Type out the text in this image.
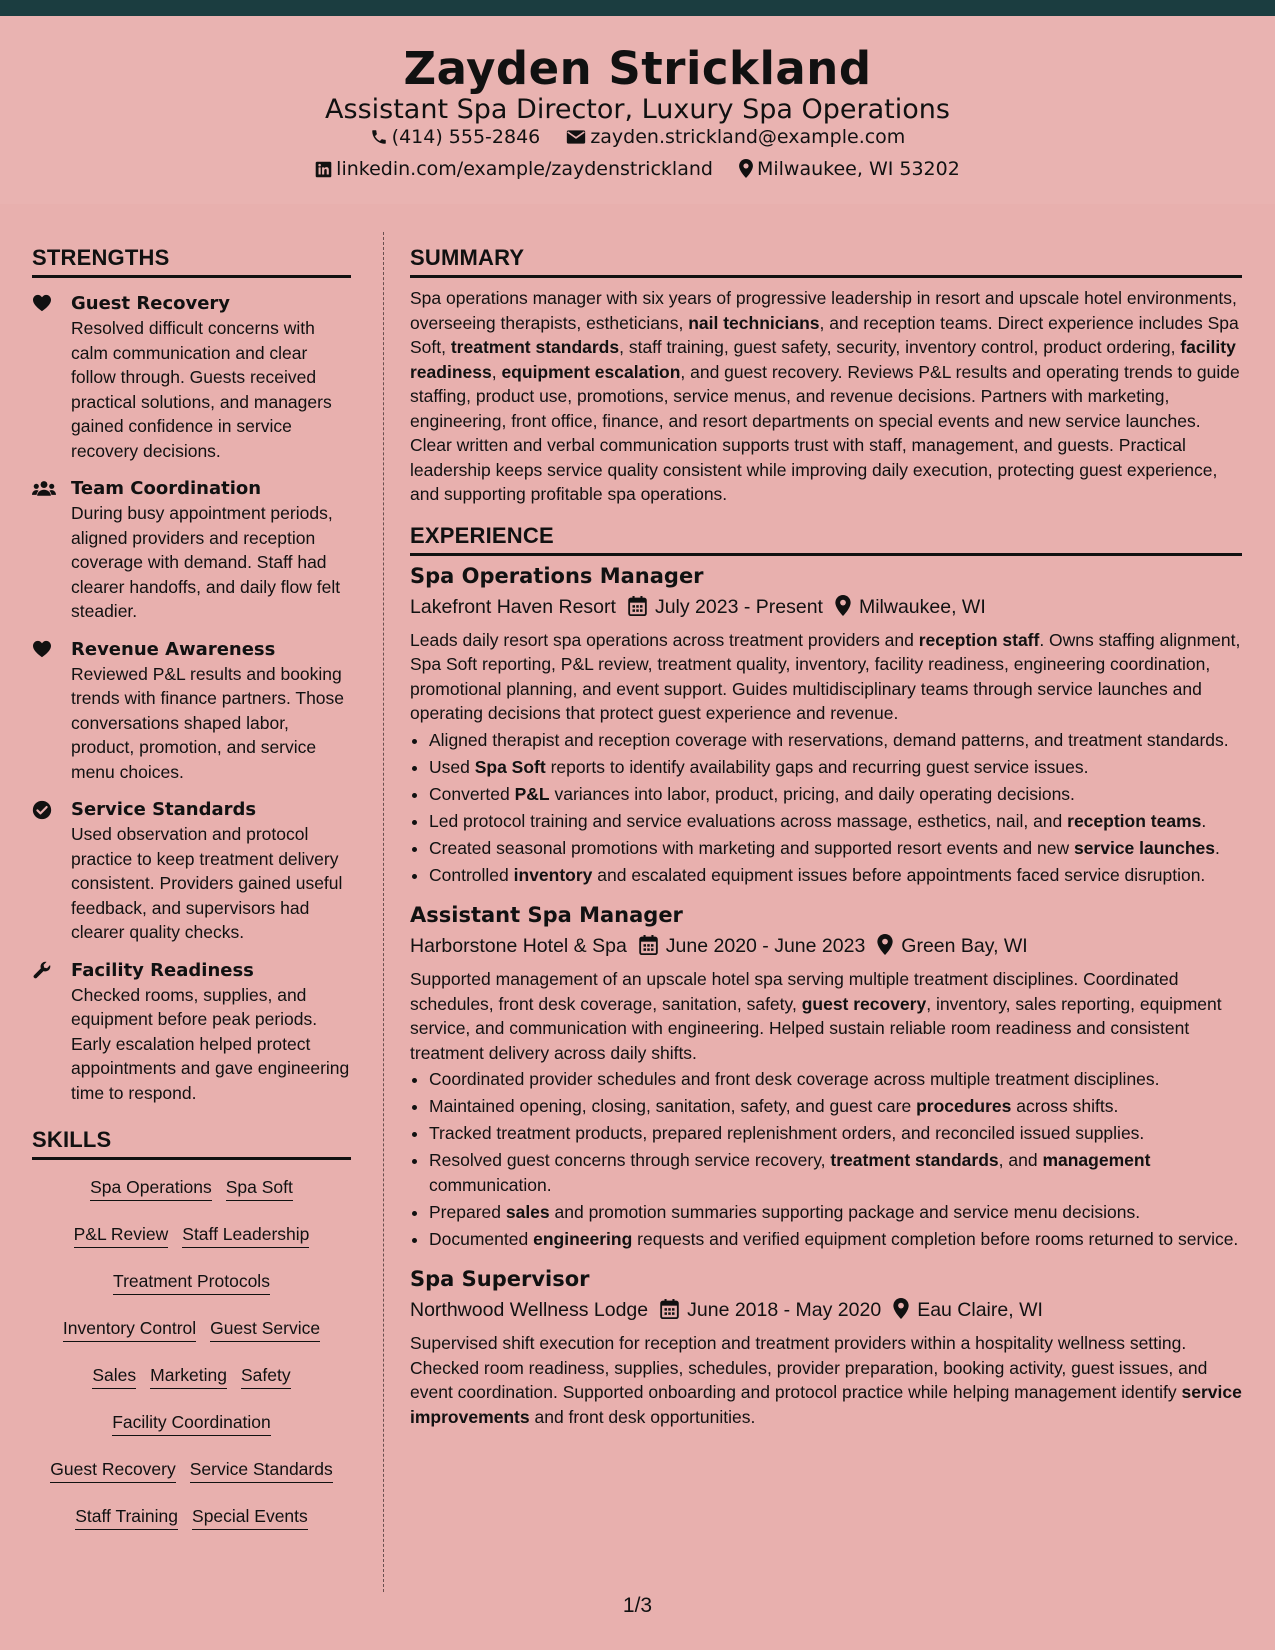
Zayden Strickland
Assistant Spa Director, Luxury Spa Operations
(414) 555-2846	zayden.strickland@example.com
linkedin.com/example/zaydenstrickland Milwaukee, WI 53202
STRENGTHS
Guest Recovery
Resolved difficult concerns with calm communication and clear follow through. Guests received practical solutions, and managers gained confidence in service recovery decisions.
Team Coordination
During busy appointment periods, aligned providers and reception coverage with demand. Staff had clearer handoffs, and daily flow felt steadier.
Revenue Awareness
Reviewed P&L results and booking trends with finance partners. Those conversations shaped labor, product, promotion, and service menu choices.
Service Standards
Used observation and protocol practice to keep treatment delivery consistent. Providers gained useful feedback, and supervisors had clearer quality checks.
Facility Readiness
Checked rooms, supplies, and equipment before peak periods. Early escalation helped protect appointments and gave engineering time to respond.
SKILLS
Spa Operations Spa Soft
P&L Review Staff Leadership
Treatment Protocols
Inventory Control Guest Service
Sales Marketing Safety
Facility Coordination
Guest Recovery Service Standards
Staff Training Special Events
SUMMARY
Spa operations manager with six years of progressive leadership in resort and upscale hotel environments, overseeing therapists, estheticians, nail technicians, and reception teams. Direct experience includes Spa Soft, treatment standards, staff training, guest safety, security, inventory control, product ordering, facility readiness, equipment escalation, and guest recovery. Reviews P&L results and operating trends to guide staffing, product use, promotions, service menus, and revenue decisions. Partners with marketing, engineering, front office, finance, and resort departments on special events and new service launches. Clear written and verbal communication supports trust with staff, management, and guests. Practical leadership keeps service quality consistent while improving daily execution, protecting guest experience, and supporting profitable spa operations.
EXPERIENCE
Spa Operations Manager
Lakefront Haven Resort July 2023 - Present Milwaukee, WI
Leads daily resort spa operations across treatment providers and reception staff. Owns staffing alignment, Spa Soft reporting, P&L review, treatment quality, inventory, facility readiness, engineering coordination, promotional planning, and event support. Guides multidisciplinary teams through service launches and operating decisions that protect guest experience and revenue.
• Aligned therapist and reception coverage with reservations, demand patterns, and treatment standards.
• Used Spa Soft reports to identify availability gaps and recurring guest service issues.
• Converted P&L variances into labor, product, pricing, and daily operating decisions.
• Led protocol training and service evaluations across massage, esthetics, nail, and reception teams.
• Created seasonal promotions with marketing and supported resort events and new service launches.
• Controlled inventory and escalated equipment issues before appointments faced service disruption.
Assistant Spa Manager
Harborstone Hotel & Spa June 2020 - June 2023 Green Bay, WI
Supported management of an upscale hotel spa serving multiple treatment disciplines. Coordinated schedules, front desk coverage, sanitation, safety, guest recovery, inventory, sales reporting, equipment service, and communication with engineering. Helped sustain reliable room readiness and consistent treatment delivery across daily shifts.
• Coordinated provider schedules and front desk coverage across multiple treatment disciplines.
• Maintained opening, closing, sanitation, safety, and guest care procedures across shifts.
• Tracked treatment products, prepared replenishment orders, and reconciled issued supplies.
• Resolved guest concerns through service recovery, treatment standards, and management communication.
• Prepared sales and promotion summaries supporting package and service menu decisions.
• Documented engineering requests and verified equipment completion before rooms returned to service.
Spa Supervisor
Northwood Wellness Lodge June 2018 - May 2020 Eau Claire, WI
Supervised shift execution for reception and treatment providers within a hospitality wellness setting. Checked room readiness, supplies, schedules, provider preparation, booking activity, guest issues, and event coordination. Supported onboarding and protocol practice while helping management identify service improvements and front desk opportunities.
1/3
